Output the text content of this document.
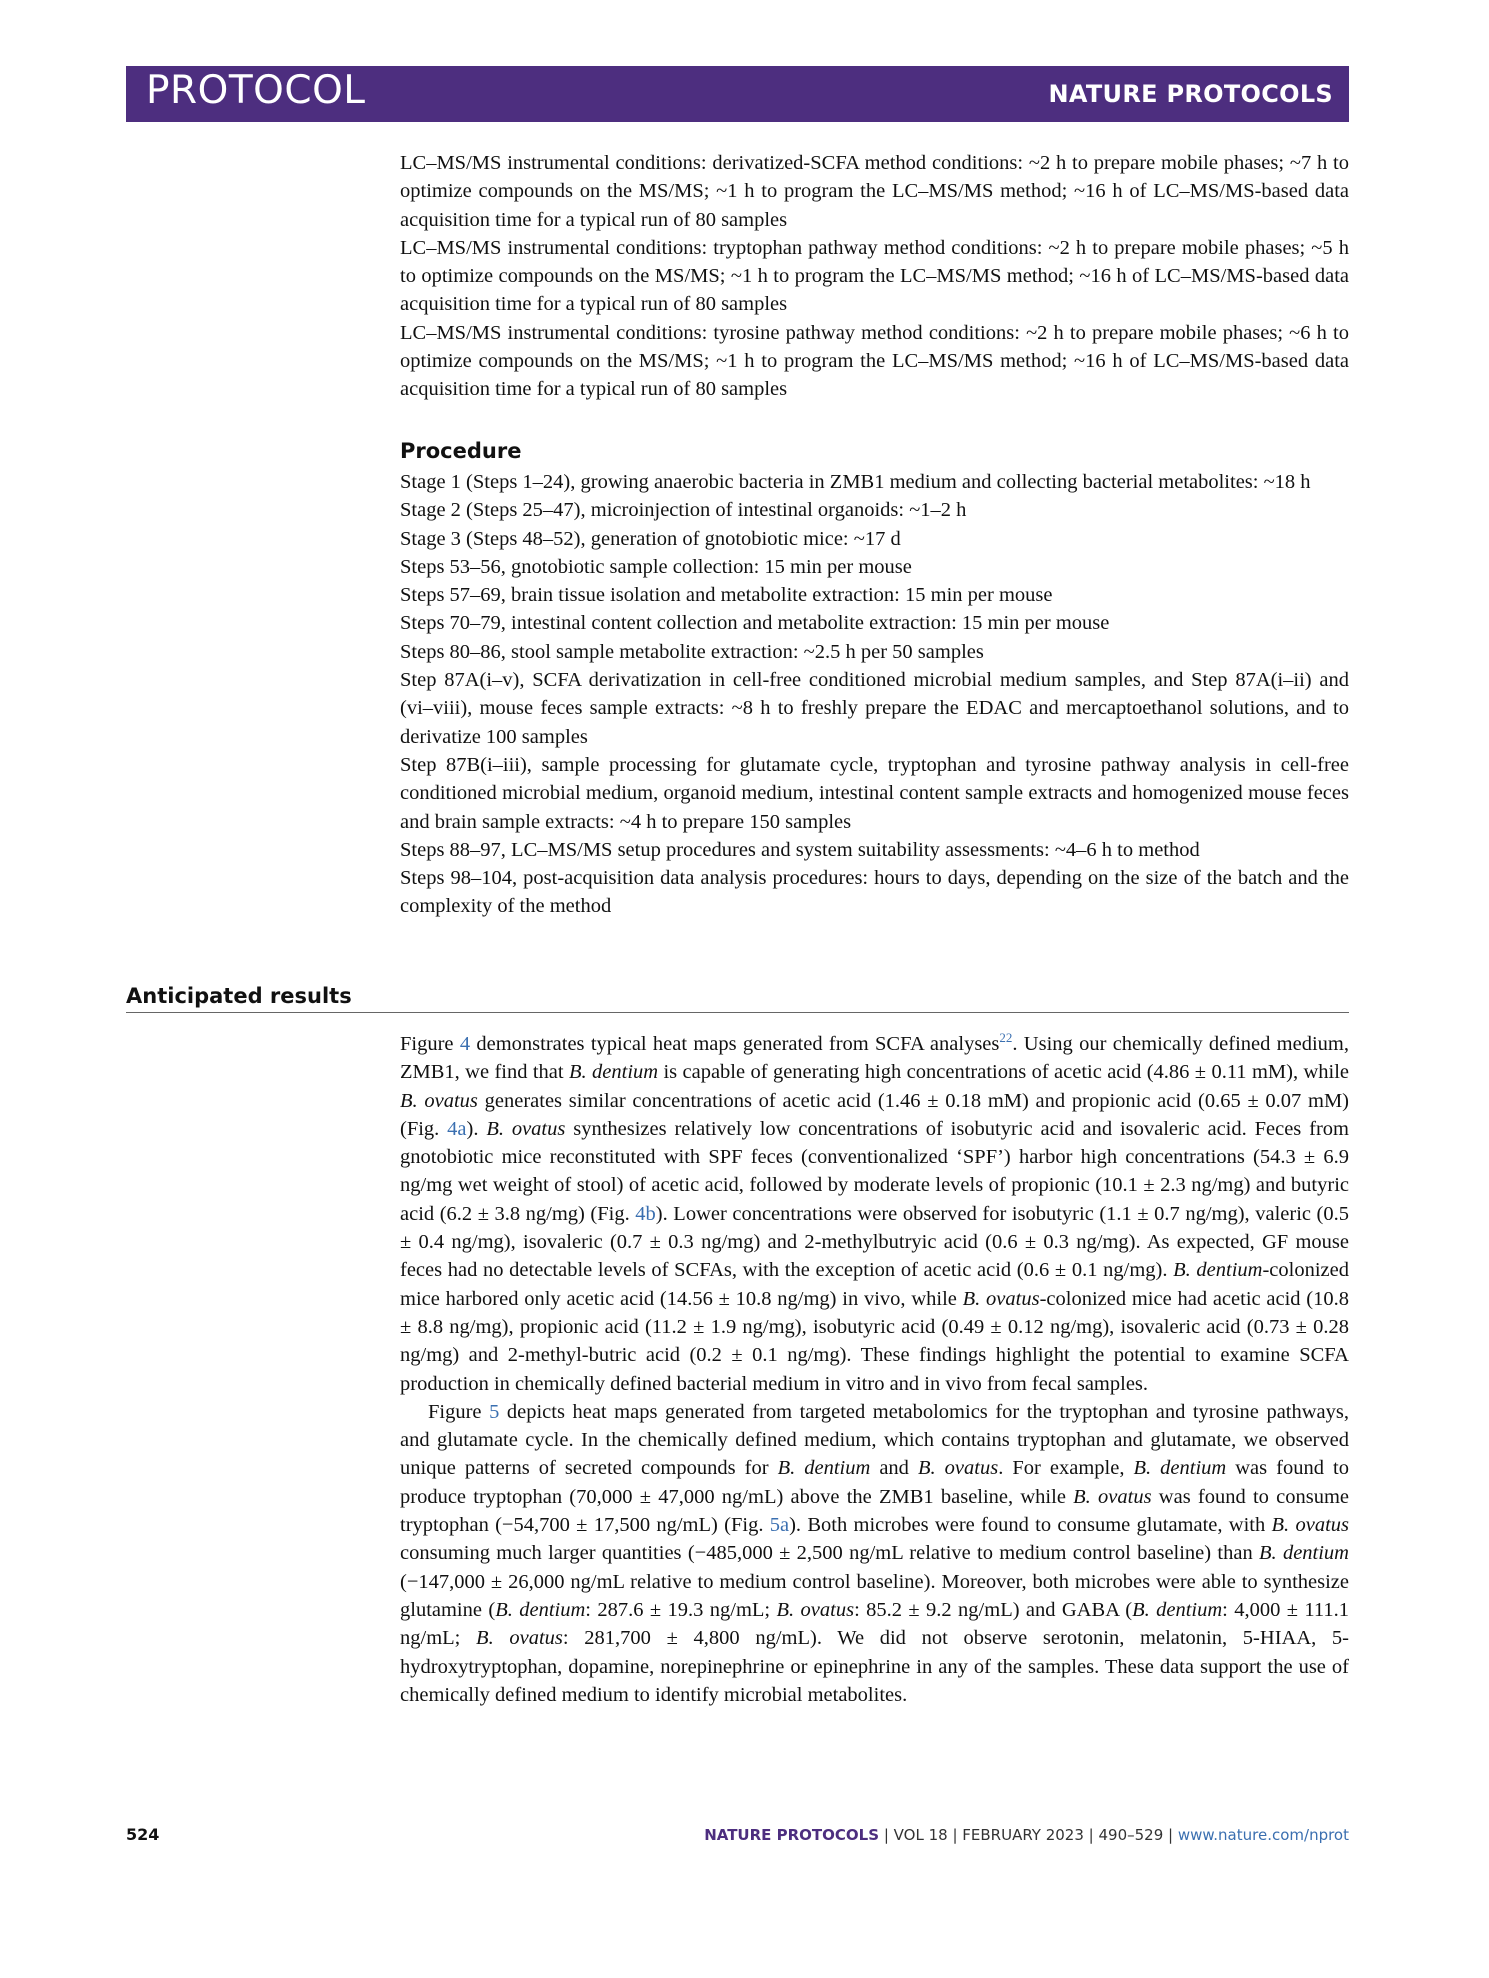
PROTOCOL	NATURE PROTOCOLS

LC–MS/MS instrumental conditions: derivatized-SCFA method conditions: ~2 h to prepare mobile phases; ~7 h to optimize compounds on the MS/MS; ~1 h to program the LC–MS/MS method; ~16 h of LC–MS/MS-based data acquisition time for a typical run of 80 samples

LC–MS/MS instrumental conditions: tryptophan pathway method conditions: ~2 h to prepare mobile phases; ~5 h to optimize compounds on the MS/MS; ~1 h to program the LC–MS/MS method; ~16 h of LC–MS/MS-based data acquisition time for a typical run of 80 samples

LC–MS/MS instrumental conditions: tyrosine pathway method conditions: ~2 h to prepare mobile phases; ~6 h to optimize compounds on the MS/MS; ~1 h to program the LC–MS/MS method; ~16 h of LC–MS/MS-based data acquisition time for a typical run of 80 samples

Procedure

Stage 1 (Steps 1–24), growing anaerobic bacteria in ZMB1 medium and collecting bacterial metabolites: ~18 h

Stage 2 (Steps 25–47), microinjection of intestinal organoids: ~1–2 h

Stage 3 (Steps 48–52), generation of gnotobiotic mice: ~17 d

Steps 53–56, gnotobiotic sample collection: 15 min per mouse

Steps 57–69, brain tissue isolation and metabolite extraction: 15 min per mouse

Steps 70–79, intestinal content collection and metabolite extraction: 15 min per mouse

Steps 80–86, stool sample metabolite extraction: ~2.5 h per 50 samples

Step 87A(i–v), SCFA derivatization in cell-free conditioned microbial medium samples, and Step 87A(i–ii) and (vi–viii), mouse feces sample extracts: ~8 h to freshly prepare the EDAC and mercaptoethanol solutions, and to derivatize 100 samples

Step 87B(i–iii), sample processing for glutamate cycle, tryptophan and tyrosine pathway analysis in cell-free conditioned microbial medium, organoid medium, intestinal content sample extracts and homogenized mouse feces and brain sample extracts: ~4 h to prepare 150 samples

Steps 88–97, LC–MS/MS setup procedures and system suitability assessments: ~4–6 h to method

Steps 98–104, post-acquisition data analysis procedures: hours to days, depending on the size of the batch and the complexity of the method

Anticipated results

Figure 4 demonstrates typical heat maps generated from SCFA analyses$^{22}$. Using our chemically defined medium, ZMB1, we find that B. dentium is capable of generating high concentrations of acetic acid (4.86 ± 0.11 mM), while B. ovatus generates similar concentrations of acetic acid (1.46 ± 0.18 mM) and propionic acid (0.65 ± 0.07 mM) (Fig. 4a). B. ovatus synthesizes relatively low concentrations of isobutyric acid and isovaleric acid. Feces from gnotobiotic mice reconstituted with SPF feces (conventionalized ‘SPF’) harbor high concentrations (54.3 ± 6.9 ng/mg wet weight of stool) of acetic acid, followed by moderate levels of propionic (10.1 ± 2.3 ng/mg) and butyric acid (6.2 ± 3.8 ng/mg) (Fig. 4b). Lower concentrations were observed for isobutyric (1.1 ± 0.7 ng/mg), valeric (0.5 ± 0.4 ng/mg), isovaleric (0.7 ± 0.3 ng/mg) and 2-methylbutryic acid (0.6 ± 0.3 ng/mg). As expected, GF mouse feces had no detectable levels of SCFAs, with the exception of acetic acid (0.6 ± 0.1 ng/mg). B. dentium-colonized mice harbored only acetic acid (14.56 ± 10.8 ng/mg) in vivo, while B. ovatus-colonized mice had acetic acid (10.8 ± 8.8 ng/mg), propionic acid (11.2 ± 1.9 ng/mg), isobutyric acid (0.49 ± 0.12 ng/mg), isovaleric acid (0.73 ± 0.28 ng/mg) and 2-methyl-butric acid (0.2 ± 0.1 ng/mg). These findings highlight the potential to examine SCFA production in chemically defined bacterial medium in vitro and in vivo from fecal samples.

Figure 5 depicts heat maps generated from targeted metabolomics for the tryptophan and tyrosine pathways, and glutamate cycle. In the chemically defined medium, which contains tryptophan and glutamate, we observed unique patterns of secreted compounds for B. dentium and B. ovatus. For example, B. dentium was found to produce tryptophan (70,000 ± 47,000 ng/mL) above the ZMB1 baseline, while B. ovatus was found to consume tryptophan (−54,700 ± 17,500 ng/mL) (Fig. 5a). Both microbes were found to consume glutamate, with B. ovatus consuming much larger quantities (−485,000 ± 2,500 ng/mL relative to medium control baseline) than B. dentium (−147,000 ± 26,000 ng/mL relative to medium control baseline). Moreover, both microbes were able to synthesize glutamine (B. dentium: 287.6 ± 19.3 ng/mL; B. ovatus: 85.2 ± 9.2 ng/mL) and GABA (B. dentium: 4,000 ± 111.1 ng/mL; B. ovatus: 281,700 ± 4,800 ng/mL). We did not observe serotonin, melatonin, 5-HIAA, 5-hydroxytryptophan, dopamine, norepinephrine or epinephrine in any of the samples. These data support the use of chemically defined medium to identify microbial metabolites.

524	NATURE PROTOCOLS | VOL 18 | FEBRUARY 2023 | 490–529 | www.nature.com/nprot
